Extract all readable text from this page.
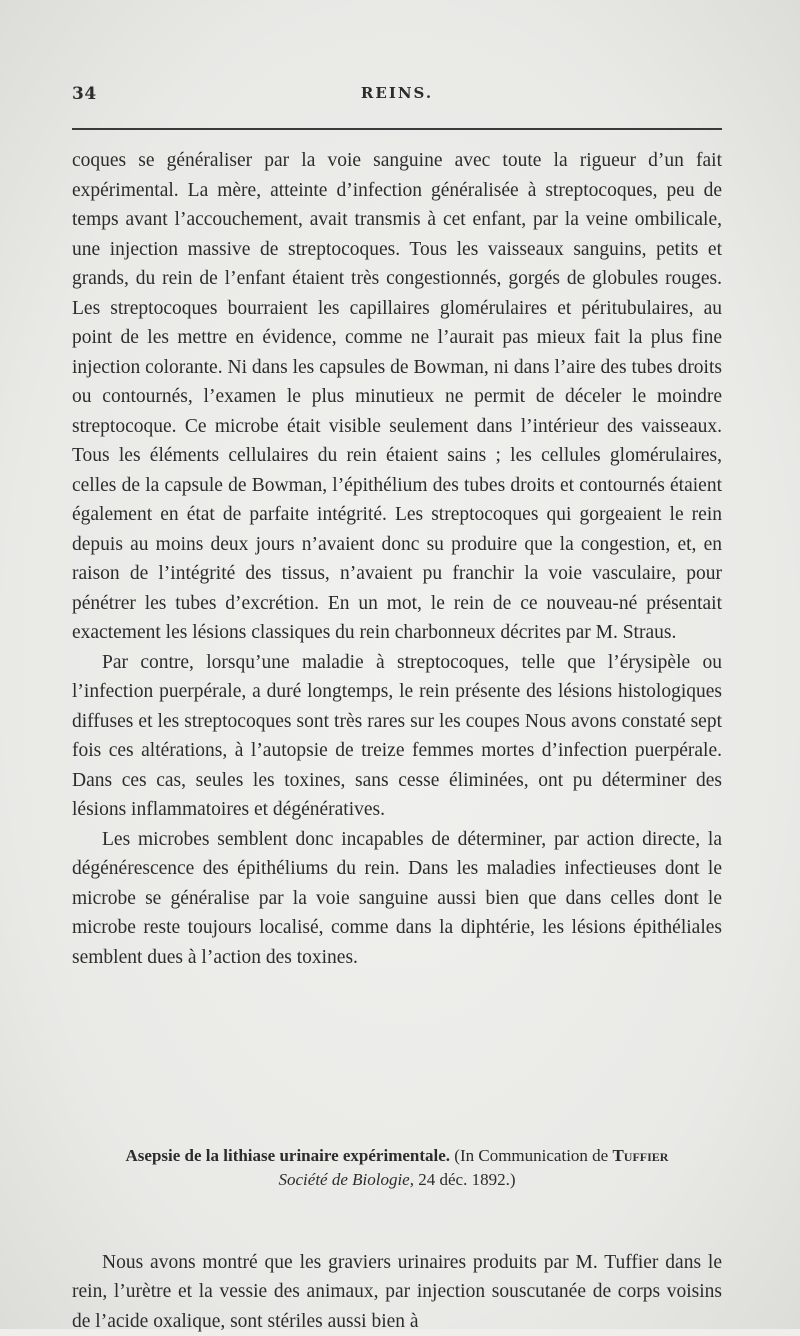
34	REINS.

coques se généraliser par la voie sanguine avec toute la rigueur d’un fait expérimental. La mère, atteinte d’infection généralisée à streptocoques, peu de temps avant l’accouchement, avait transmis à cet enfant, par la veine ombilicale, une injection massive de streptocoques. Tous les vaisseaux sanguins, petits et grands, du rein de l’enfant étaient très congestionnés, gorgés de globules rouges. Les streptocoques bourraient les capillaires glomérulaires et péritubulaires, au point de les mettre en évidence, comme ne l’aurait pas mieux fait la plus fine injection colorante. Ni dans les capsules de Bowman, ni dans l’aire des tubes droits ou contournés, l’examen le plus minutieux ne permit de déceler le moindre streptocoque. Ce microbe était visible seulement dans l’intérieur des vaisseaux. Tous les éléments cellulaires du rein étaient sains ; les cellules glomérulaires, celles de la capsule de Bowman, l’épithélium des tubes droits et contournés étaient également en état de parfaite intégrité. Les streptocoques qui gorgeaient le rein depuis au moins deux jours n’avaient donc su produire que la congestion, et, en raison de l’intégrité des tissus, n’avaient pu franchir la voie vasculaire, pour pénétrer les tubes d’excrétion. En un mot, le rein de ce nouveau-né présentait exactement les lésions classiques du rein charbonneux décrites par M. Straus.

Par contre, lorsqu’une maladie à streptocoques, telle que l’érysipèle ou l’infection puerpérale, a duré longtemps, le rein présente des lésions histologiques diffuses et les streptocoques sont très rares sur les coupes Nous avons constaté sept fois ces altérations, à l’autopsie de treize femmes mortes d’infection puerpérale. Dans ces cas, seules les toxines, sans cesse éliminées, ont pu déterminer des lésions inflammatoires et dégénératives.

Les microbes semblent donc incapables de déterminer, par action directe, la dégénérescence des épithéliums du rein. Dans les maladies infectieuses dont le microbe se généralise par la voie sanguine aussi bien que dans celles dont le microbe reste toujours localisé, comme dans la diphtérie, les lésions épithéliales semblent dues à l’action des toxines.

Asepsie de la lithiase urinaire expérimentale. (In Communication de Tuffier
Société de Biologie, 24 déc. 1892.)

Nous avons montré que les graviers urinaires produits par M. Tuffier dans le rein, l’urètre et la vessie des animaux, par injection souscutanée de corps voisins de l’acide oxalique, sont stériles aussi bien à
